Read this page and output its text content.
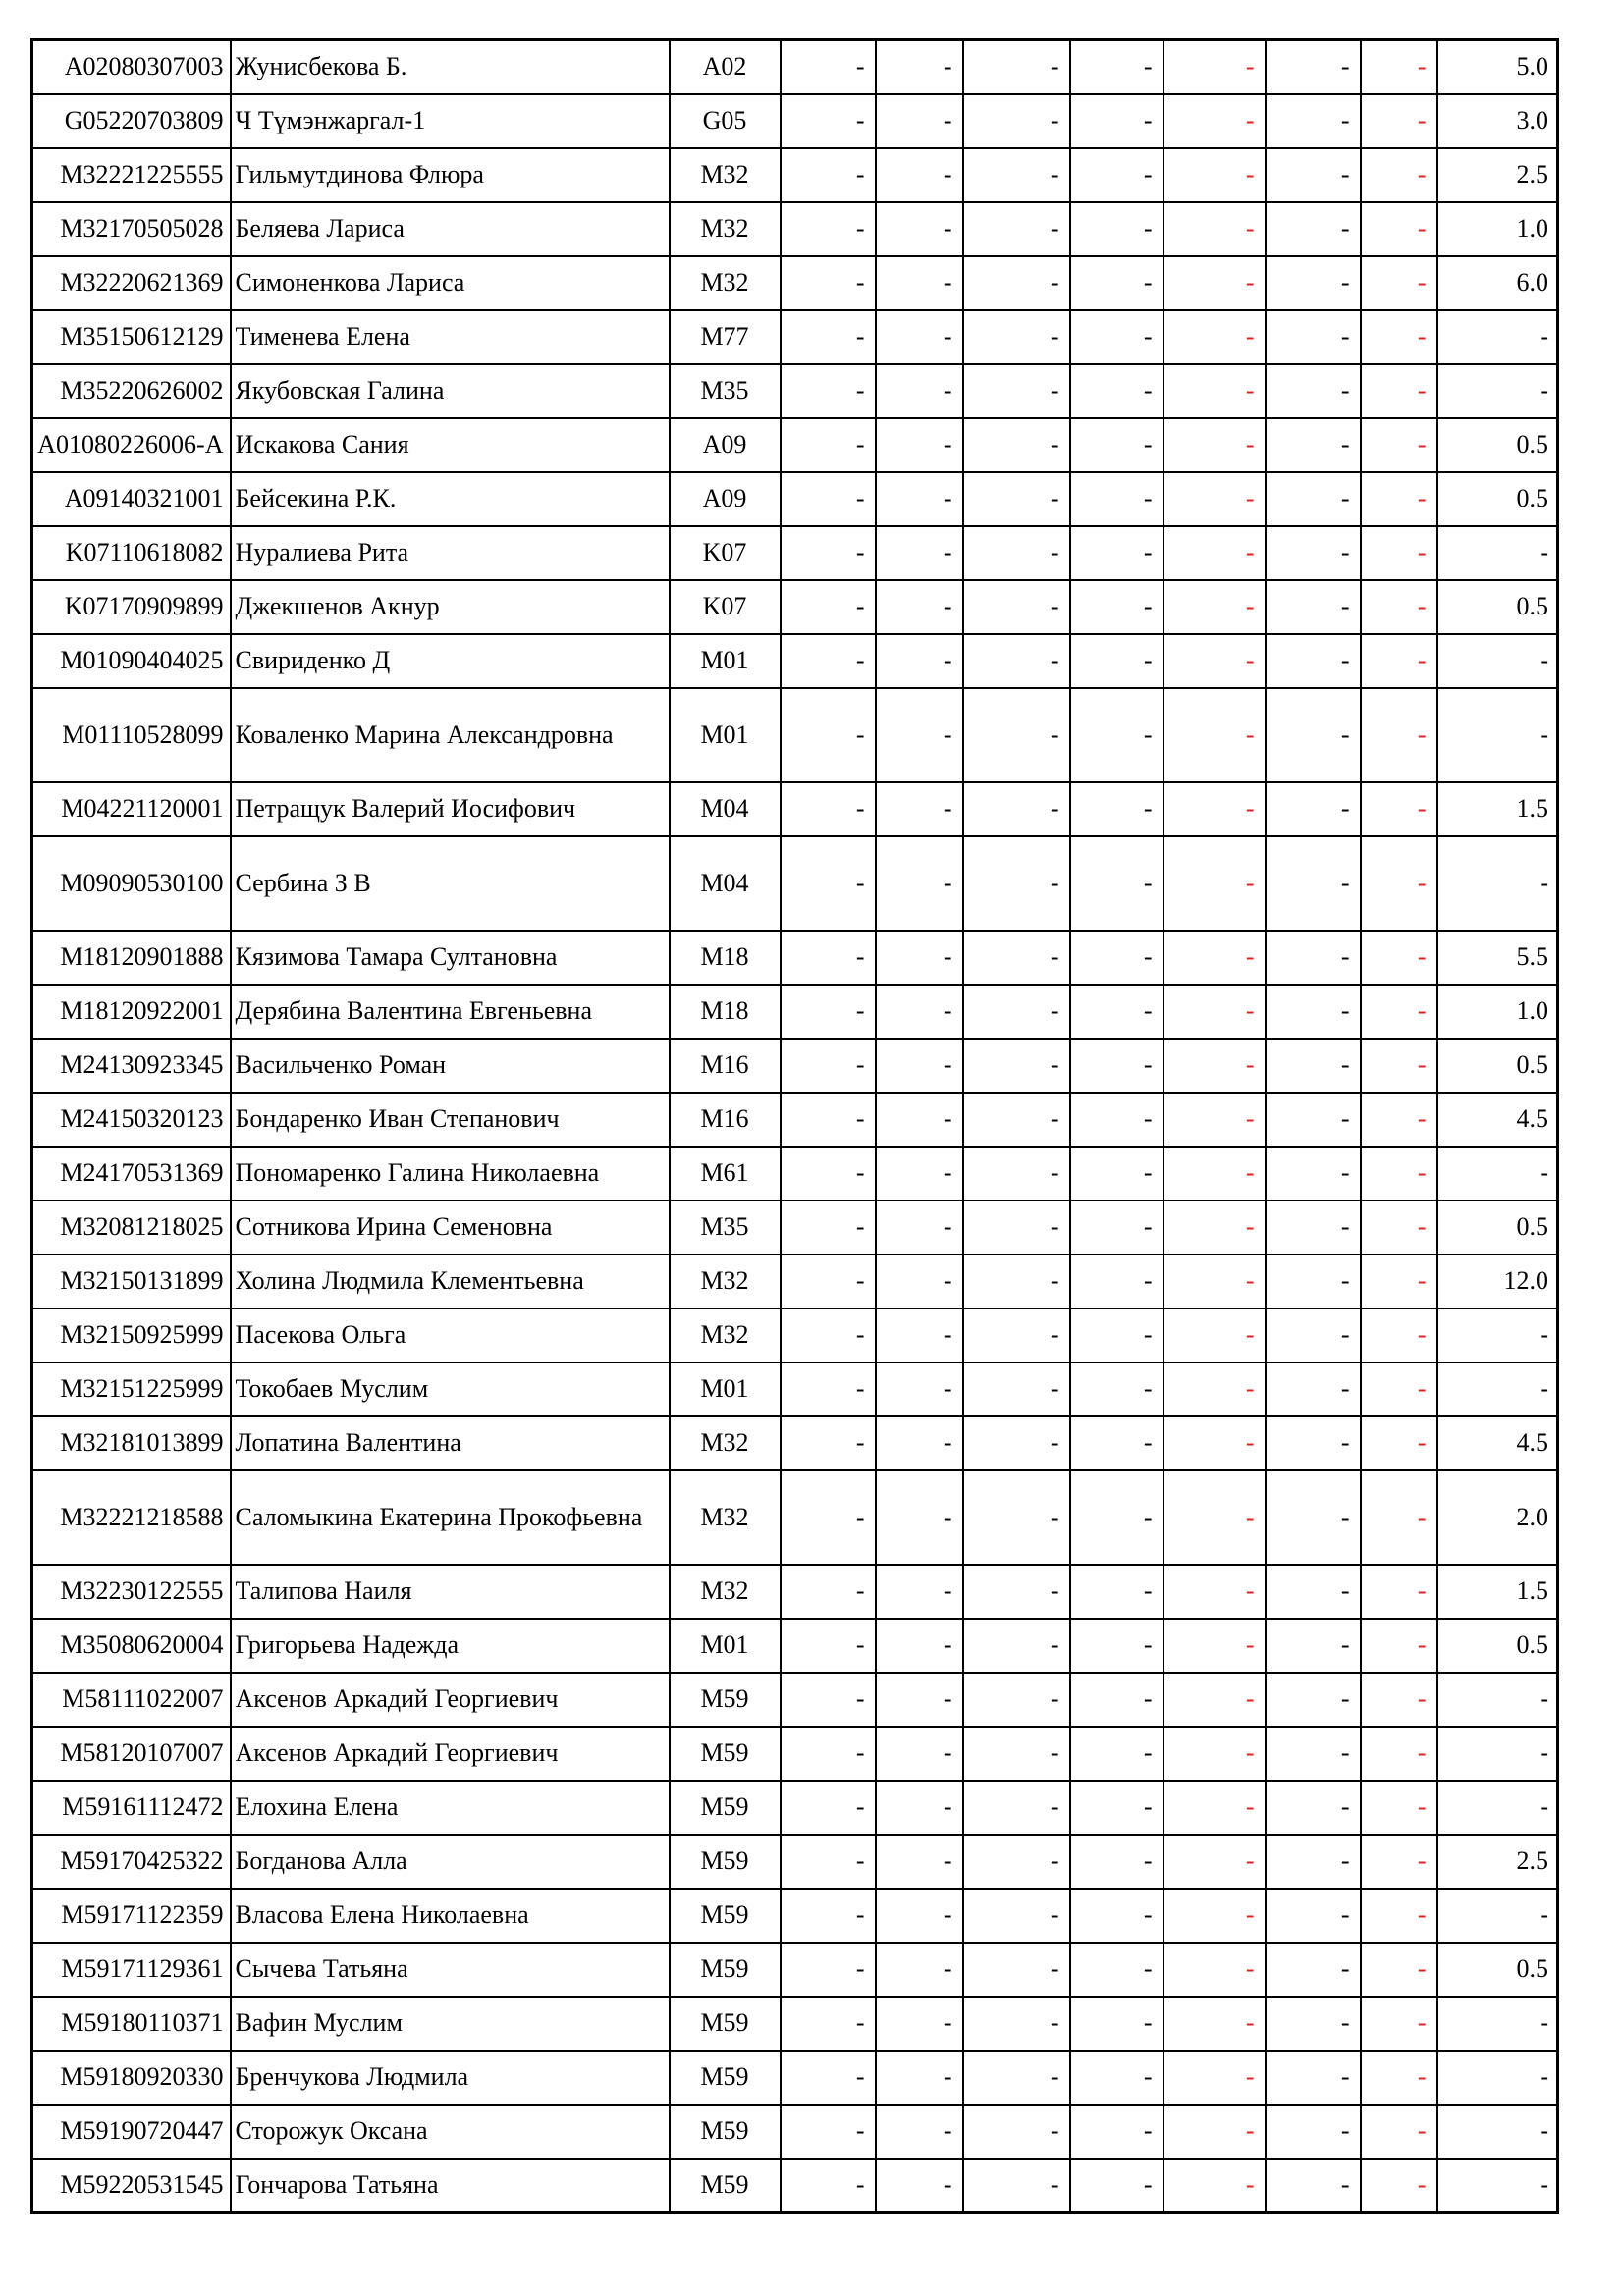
A02080307003	Жунисбекова Б.	A02	-	-	-	-	-	-	-	5.0
G05220703809	Ч Түмэнжаргал-1	G05	-	-	-	-	-	-	-	3.0
M32221225555	Гильмутдинова Флюра	M32	-	-	-	-	-	-	-	2.5
M32170505028	Беляева Лариса	M32	-	-	-	-	-	-	-	1.0
M32220621369	Симоненкова Лариса	M32	-	-	-	-	-	-	-	6.0
M35150612129	Тименева Елена	M77	-	-	-	-	-	-	-	-
M35220626002	Якубовская Галина	M35	-	-	-	-	-	-	-	-
A01080226006-A	Искакова Сания	A09	-	-	-	-	-	-	-	0.5
A09140321001	Бейсекина Р.К.	A09	-	-	-	-	-	-	-	0.5
K07110618082	Нуралиева Рита	K07	-	-	-	-	-	-	-	-
K07170909899	Джекшенов Акнур	K07	-	-	-	-	-	-	-	0.5
M01090404025	Свириденко Д	M01	-	-	-	-	-	-	-	-
M01110528099	Коваленко Марина Александровна	M01	-	-	-	-	-	-	-	-
M04221120001	Петращук Валерий Иосифович	M04	-	-	-	-	-	-	-	1.5
M09090530100	Сербина З В	M04	-	-	-	-	-	-	-	-
M18120901888	Кязимова Тамара Султановна	M18	-	-	-	-	-	-	-	5.5
M18120922001	Дерябина Валентина Евгеньевна	M18	-	-	-	-	-	-	-	1.0
M24130923345	Васильченко Роман	M16	-	-	-	-	-	-	-	0.5
M24150320123	Бондаренко Иван Степанович	M16	-	-	-	-	-	-	-	4.5
M24170531369	Пономаренко Галина Николаевна	M61	-	-	-	-	-	-	-	-
M32081218025	Сотникова Ирина Семеновна	M35	-	-	-	-	-	-	-	0.5
M32150131899	Холина Людмила Клементьевна	M32	-	-	-	-	-	-	-	12.0
M32150925999	Пасекова Ольга	M32	-	-	-	-	-	-	-	-
M32151225999	Токобаев Муслим	M01	-	-	-	-	-	-	-	-
M32181013899	Лопатина Валентина	M32	-	-	-	-	-	-	-	4.5
M32221218588	Саломыкина Екатерина Прокофьевна	M32	-	-	-	-	-	-	-	2.0
M32230122555	Талипова Наиля	M32	-	-	-	-	-	-	-	1.5
M35080620004	Григорьева Надежда	M01	-	-	-	-	-	-	-	0.5
M58111022007	Аксенов Аркадий Георгиевич	M59	-	-	-	-	-	-	-	-
M58120107007	Аксенов Аркадий Георгиевич	M59	-	-	-	-	-	-	-	-
M59161112472	Елохина Елена	M59	-	-	-	-	-	-	-	-
M59170425322	Богданова Алла	M59	-	-	-	-	-	-	-	2.5
M59171122359	Власова Елена Николаевна	M59	-	-	-	-	-	-	-	-
M59171129361	Сычева Татьяна	M59	-	-	-	-	-	-	-	0.5
M59180110371	Вафин Муслим	M59	-	-	-	-	-	-	-	-
M59180920330	Бренчукова Людмила	M59	-	-	-	-	-	-	-	-
M59190720447	Сторожук Оксана	M59	-	-	-	-	-	-	-	-
M59220531545	Гончарова Татьяна	M59	-	-	-	-	-	-	-	-
